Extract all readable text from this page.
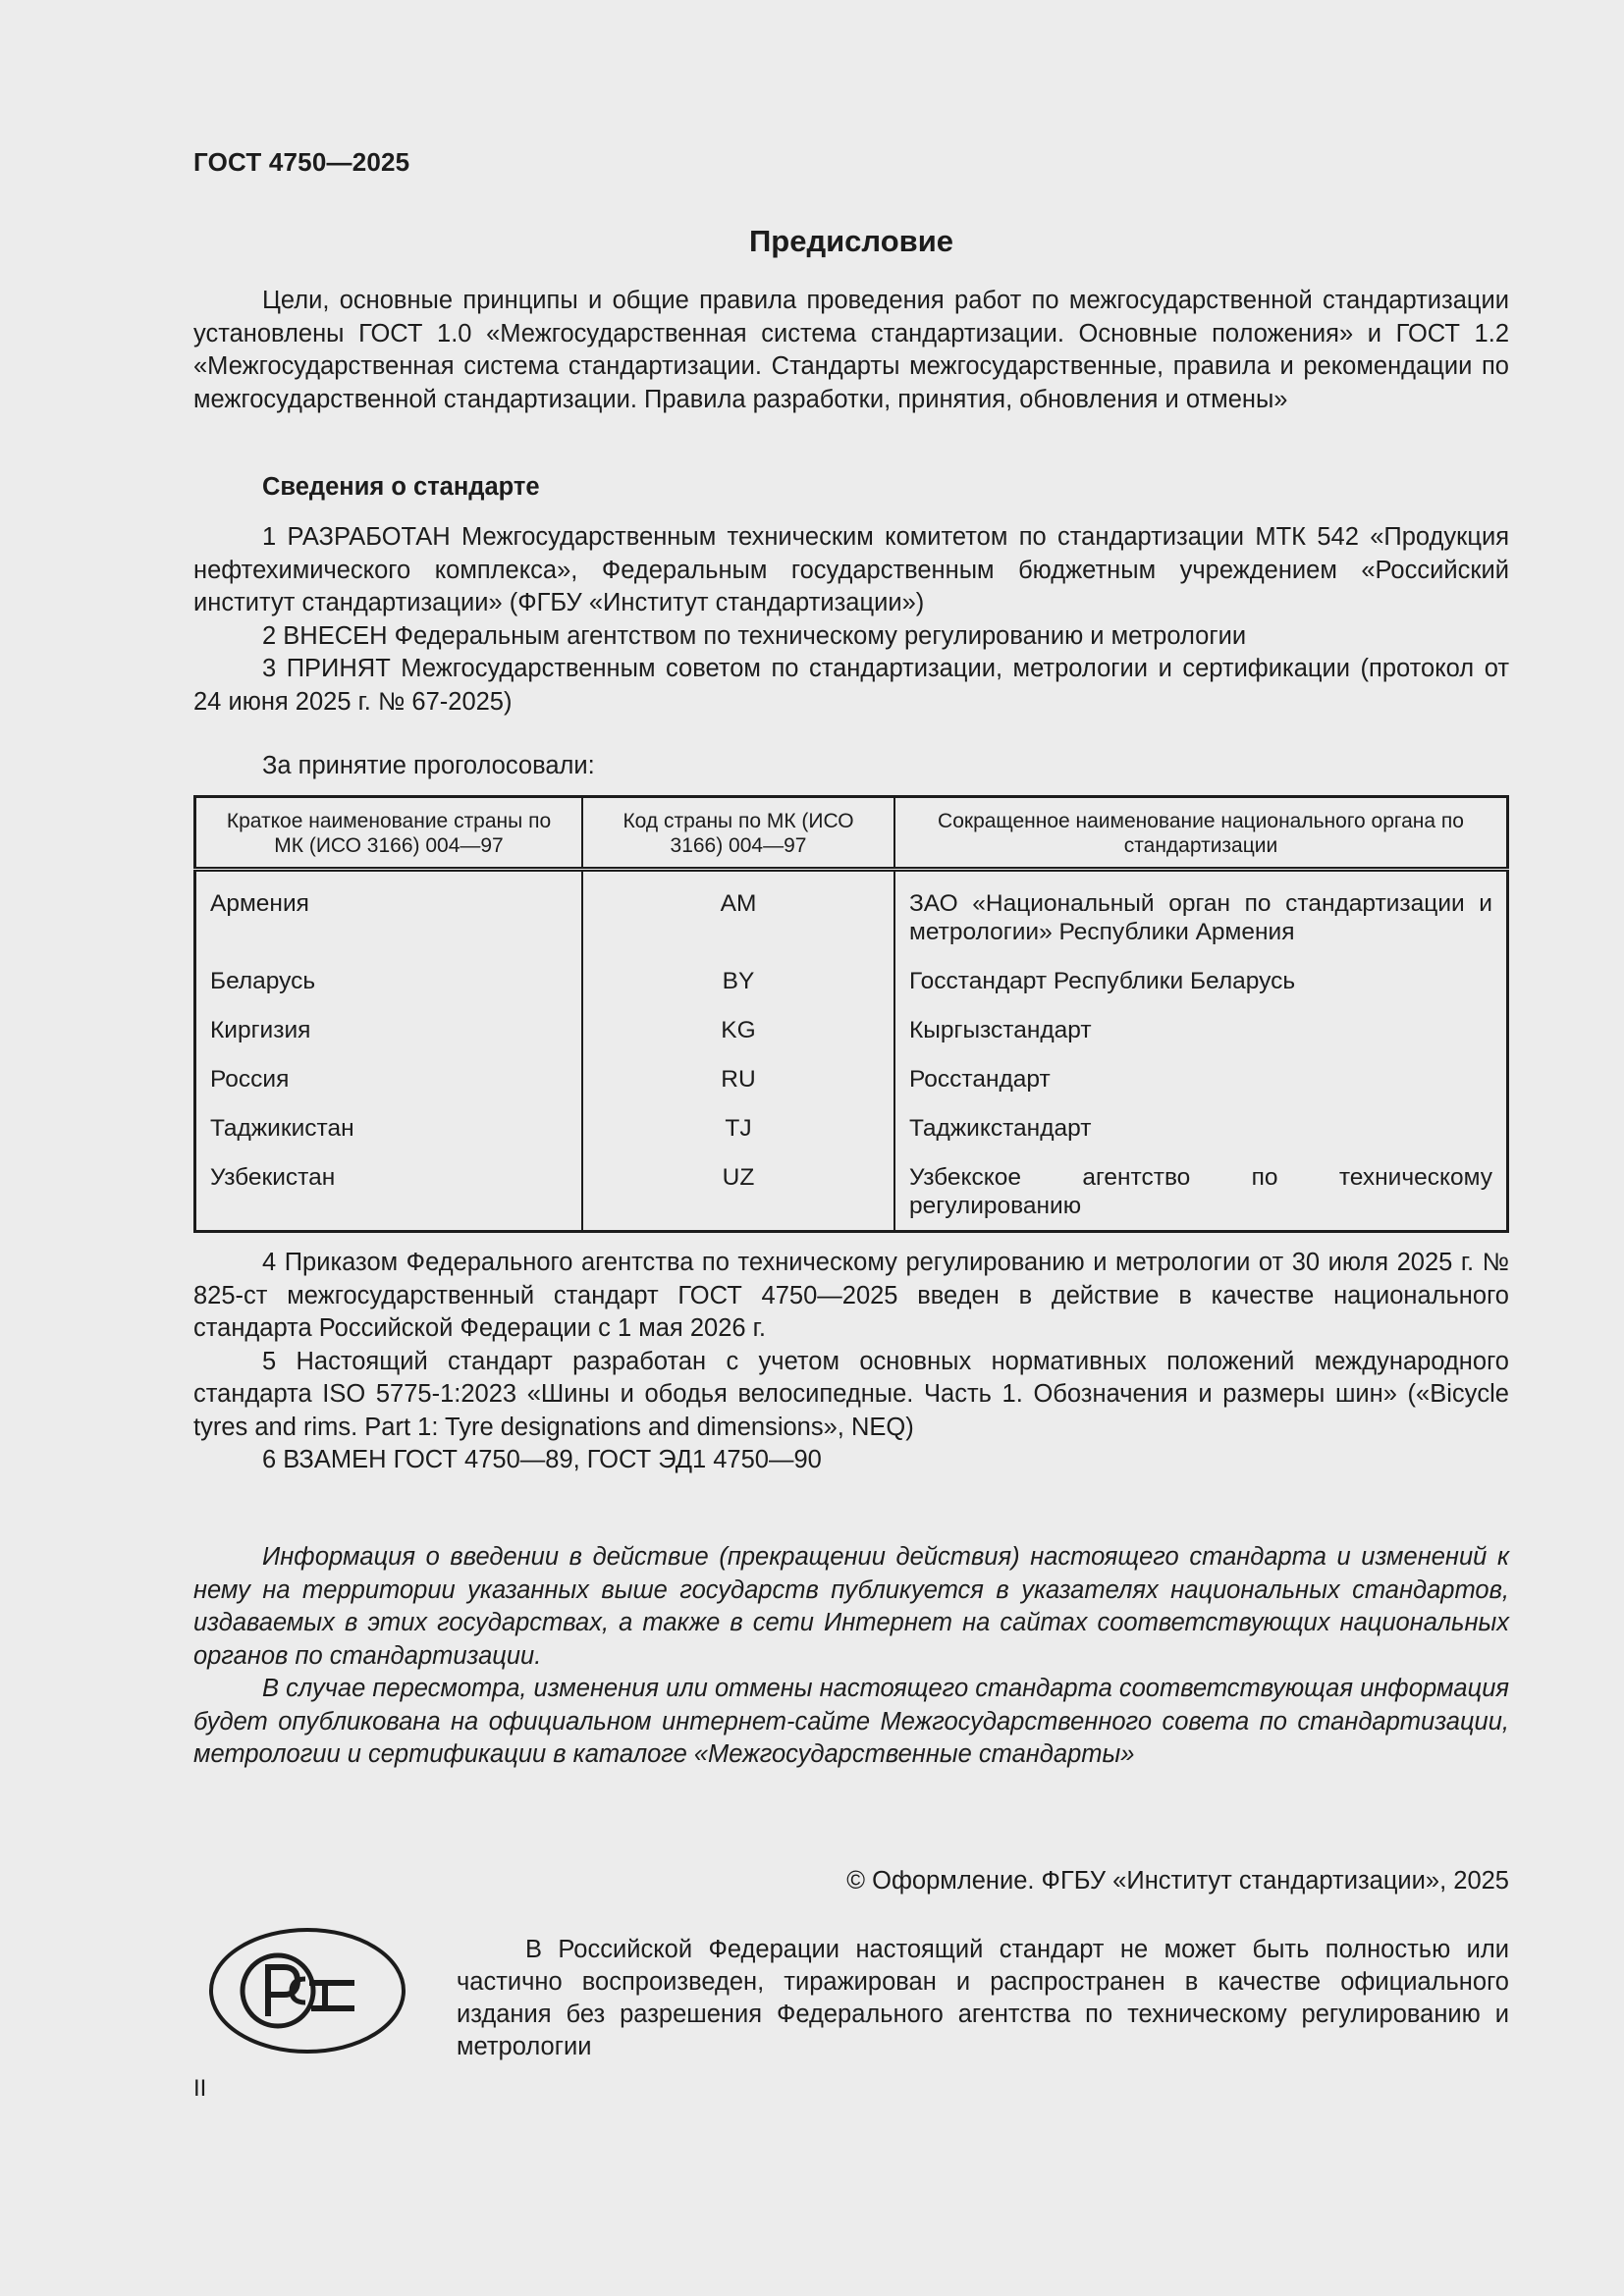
ГОСТ 4750—2025
Предисловие

Цели, основные принципы и общие правила проведения работ по межгосударственной стандартизации установлены ГОСТ 1.0 «Межгосударственная система стандартизации. Основные положения» и ГОСТ 1.2 «Межгосударственная система стандартизации. Стандарты межгосударственные, правила и рекомендации по межгосударственной стандартизации. Правила разработки, принятия, обновления и отмены»

Сведения о стандарте

1 РАЗРАБОТАН Межгосударственным техническим комитетом по стандартизации МТК 542 «Продукция нефтехимического комплекса», Федеральным государственным бюджетным учреждением «Российский институт стандартизации» (ФГБУ «Институт стандартизации»)

2 ВНЕСЕН Федеральным агентством по техническому регулированию и метрологии

3 ПРИНЯТ Межгосударственным советом по стандартизации, метрологии и сертификации (протокол от 24 июня 2025 г. № 67-2025)

За принятие проголосовали:
Краткое наименование страны по МК (ИСО 3166) 004—97	Код страны по МК (ИСО 3166) 004—97	Сокращенное наименование национального органа по стандартизации
Армения	AM	ЗАО «Национальный орган по стандартизации и метрологии» Республики Армения
Беларусь	BY	Госстандарт Республики Беларусь
Киргизия	KG	Кыргызстандарт
Россия	RU	Росстандарт
Таджикистан	TJ	Таджикстандарт
Узбекистан	UZ	Узбекское агентство по техническому регулированию

4 Приказом Федерального агентства по техническому регулированию и метрологии от 30 июля 2025 г. № 825-ст межгосударственный стандарт ГОСТ 4750—2025 введен в действие в качестве национального стандарта Российской Федерации с 1 мая 2026 г.

5 Настоящий стандарт разработан с учетом основных нормативных положений международного стандарта ISO 5775-1:2023 «Шины и ободья велосипедные. Часть 1. Обозначения и размеры шин» («Bicycle tyres and rims. Part 1: Tyre designations and dimensions», NEQ)

6 ВЗАМЕН ГОСТ 4750—89, ГОСТ ЭД1 4750—90

Информация о введении в действие (прекращении действия) настоящего стандарта и изменений к нему на территории указанных выше государств публикуется в указателях национальных стандартов, издаваемых в этих государствах, а также в сети Интернет на сайтах соответствующих национальных органов по стандартизации.

В случае пересмотра, изменения или отмены настоящего стандарта соответствующая информация будет опубликована на официальном интернет-сайте Межгосударственного совета по стандартизации, метрологии и сертификации в каталоге «Межгосударственные стандарты»

© Оформление. ФГБУ «Институт стандартизации», 2025
В Российской Федерации настоящий стандарт не может быть полностью или частично воспроизведен, тиражирован и распространен в качестве официального издания без разрешения Федерального агентства по техническому регулированию и метрологии
II
